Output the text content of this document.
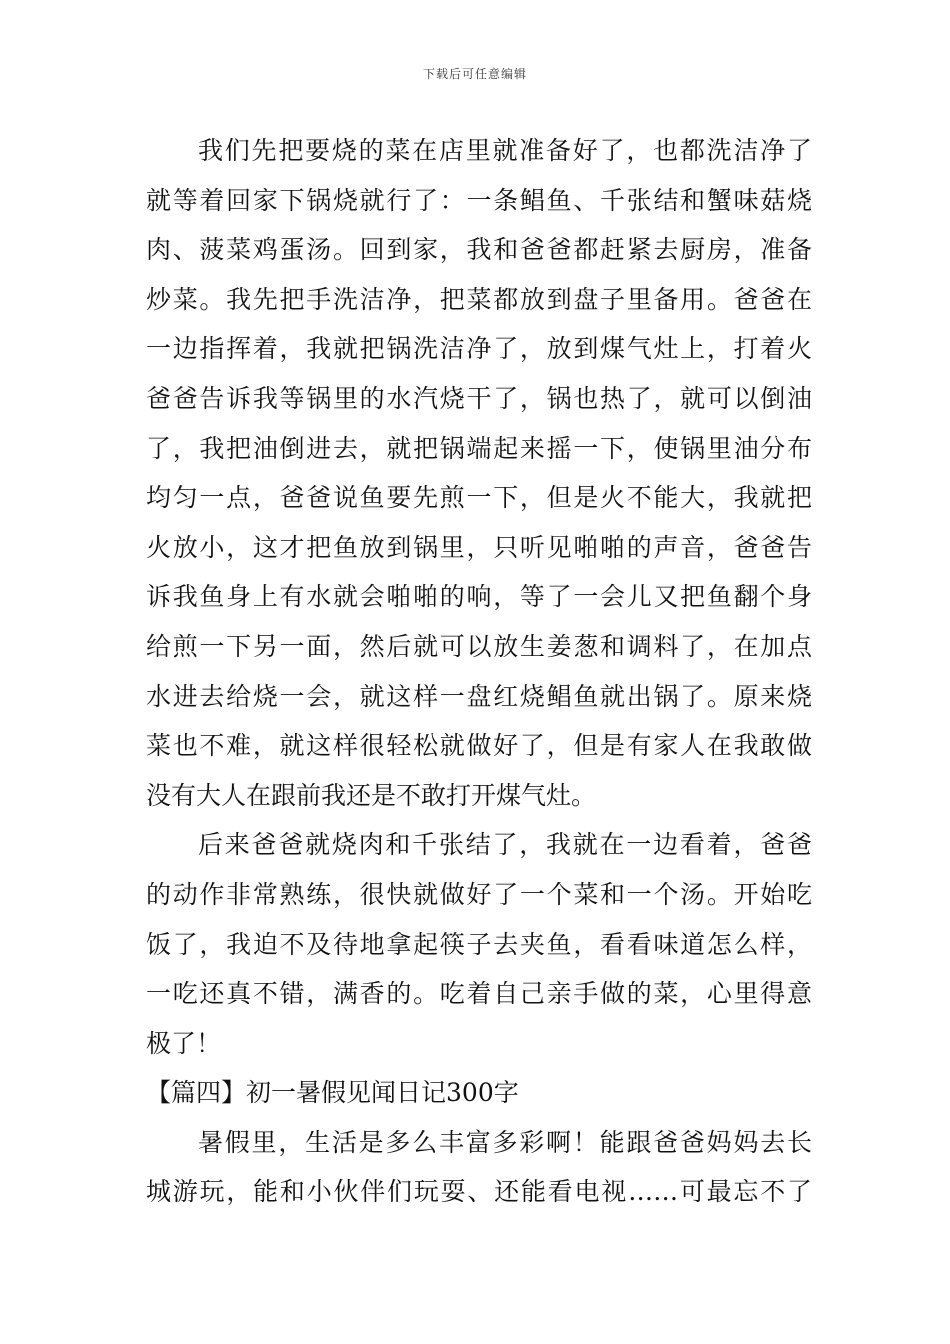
下载后可任意编辑
我们先把要烧的菜在店里就准备好了，也都洗洁净了
就等着回家下锅烧就行了：一条鲳鱼、千张结和蟹味菇烧
肉、菠菜鸡蛋汤。回到家，我和爸爸都赶紧去厨房，准备
炒菜。我先把手洗洁净，把菜都放到盘子里备用。爸爸在
一边指挥着，我就把锅洗洁净了，放到煤气灶上，打着火
爸爸告诉我等锅里的水汽烧干了，锅也热了，就可以倒油
了，我把油倒进去，就把锅端起来摇一下，使锅里油分布
均匀一点，爸爸说鱼要先煎一下，但是火不能大，我就把
火放小，这才把鱼放到锅里，只听见啪啪的声音，爸爸告
诉我鱼身上有水就会啪啪的响，等了一会儿又把鱼翻个身
给煎一下另一面，然后就可以放生姜葱和调料了，在加点
水进去给烧一会，就这样一盘红烧鲳鱼就出锅了。原来烧
菜也不难，就这样很轻松就做好了，但是有家人在我敢做
没有大人在跟前我还是不敢打开煤气灶。
后来爸爸就烧肉和千张结了，我就在一边看着，爸爸
的动作非常熟练，很快就做好了一个菜和一个汤。开始吃
饭了，我迫不及待地拿起筷子去夹鱼，看看味道怎么样，
一吃还真不错，满香的。吃着自己亲手做的菜，心里得意
极了！
【篇四】初一暑假见闻日记300字
暑假里，生活是多么丰富多彩啊！能跟爸爸妈妈去长
城游玩，能和小伙伴们玩耍、还能看电视……可最忘不了
